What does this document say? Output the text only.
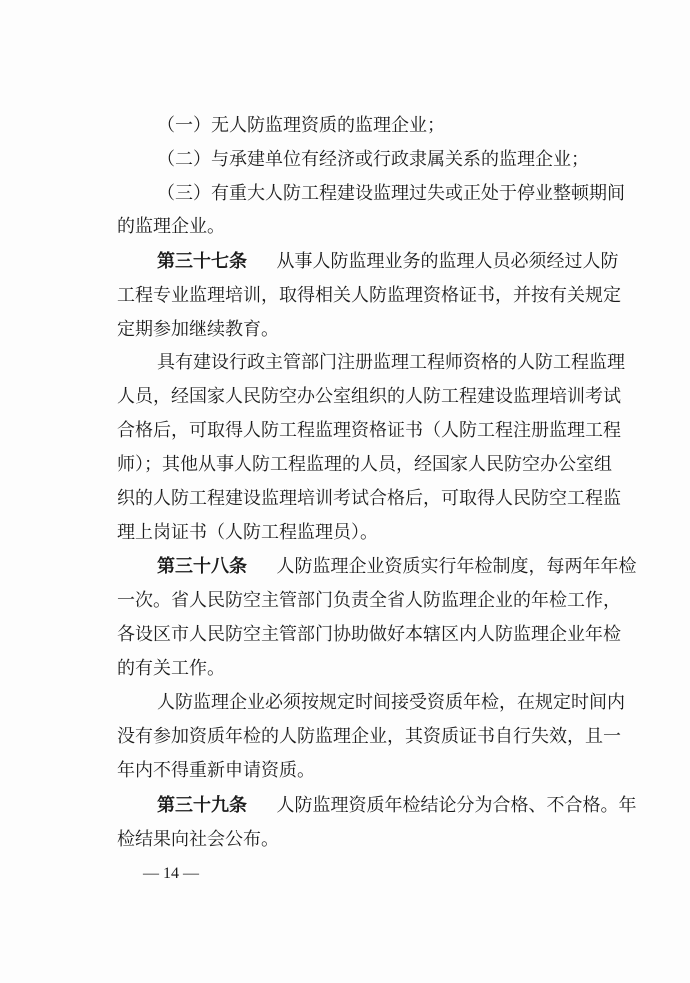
（一）无人防监理资质的监理企业；
（二）与承建单位有经济或行政隶属关系的监理企业；
（三）有重大人防工程建设监理过失或正处于停业整顿期间
的监理企业。
第三十七条 从事人防监理业务的监理人员必须经过人防
工程专业监理培训，取得相关人防监理资格证书，并按有关规定
定期参加继续教育。
具有建设行政主管部门注册监理工程师资格的人防工程监理
人员，经国家人民防空办公室组织的人防工程建设监理培训考试
合格后，可取得人防工程监理资格证书（人防工程注册监理工程
师）；其他从事人防工程监理的人员，经国家人民防空办公室组
织的人防工程建设监理培训考试合格后，可取得人民防空工程监
理上岗证书（人防工程监理员）。
第三十八条 人防监理企业资质实行年检制度，每两年年检
一次。省人民防空主管部门负责全省人防监理企业的年检工作，
各设区市人民防空主管部门协助做好本辖区内人防监理企业年检
的有关工作。
人防监理企业必须按规定时间接受资质年检，在规定时间内
没有参加资质年检的人防监理企业，其资质证书自行失效，且一
年内不得重新申请资质。
第三十九条 人防监理资质年检结论分为合格、不合格。年
检结果向社会公布。
— 14 —
